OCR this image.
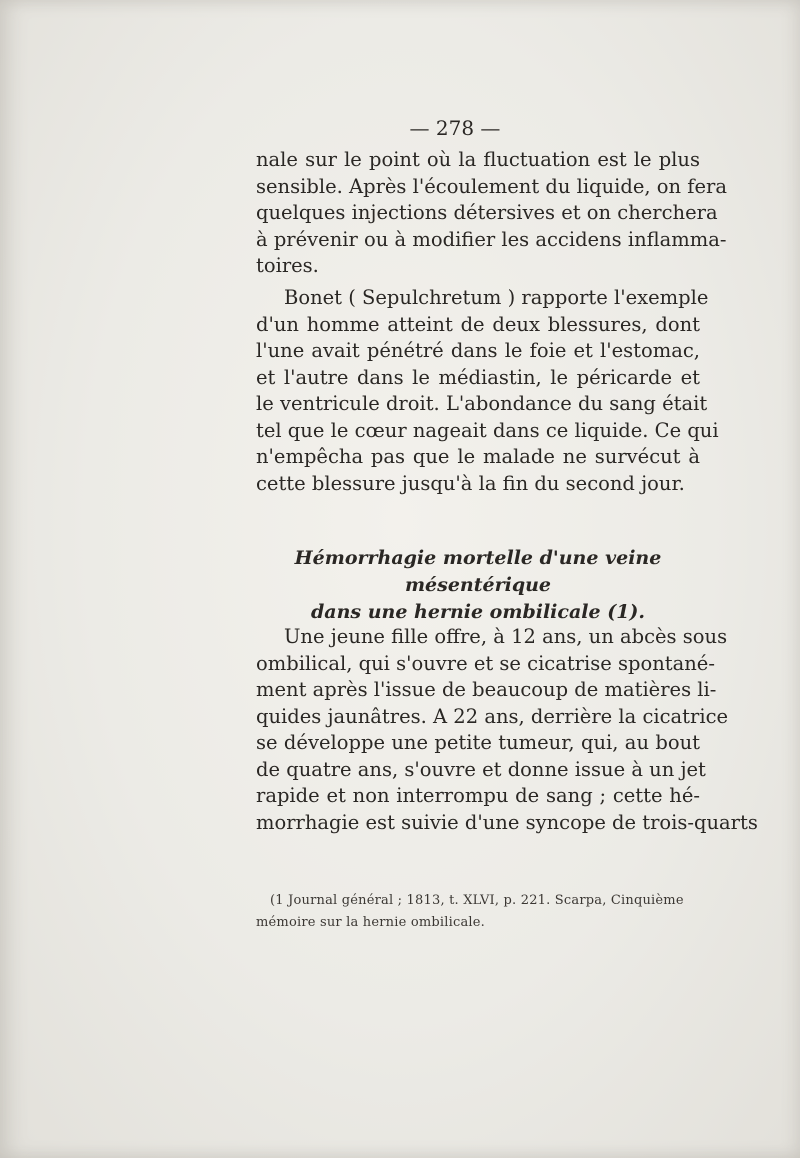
— 278 —
nale sur le point où la fluctuation est le plus
sensible. Après l'écoulement du liquide, on fera
quelques injections détersives et on cherchera
à prévenir ou à modifier les accidens inflamma-
toires.
Bonet ( Sepulchretum ) rapporte l'exemple
d'un homme atteint de deux blessures, dont
l'une avait pénétré dans le foie et l'estomac,
et l'autre dans le médiastin, le péricarde et
le ventricule droit. L'abondance du sang était
tel que le cœur nageait dans ce liquide. Ce qui
n'empêcha pas que le malade ne survécut à
cette blessure jusqu'à la fin du second jour.
Hémorrhagie mortelle d'une veine mésentérique
dans une hernie ombilicale (1).
Une jeune fille offre, à 12 ans, un abcès sous
ombilical, qui s'ouvre et se cicatrise spontané-
ment après l'issue de beaucoup de matières li-
quides jaunâtres. A 22 ans, derrière la cicatrice
se développe une petite tumeur, qui, au bout
de quatre ans, s'ouvre et donne issue à un jet
rapide et non interrompu de sang ; cette hé-
morrhagie est suivie d'une syncope de trois-quarts
(1 Journal général ; 1813, t. XLVI, p. 221. Scarpa, Cinquième
mémoire sur la hernie ombilicale.
